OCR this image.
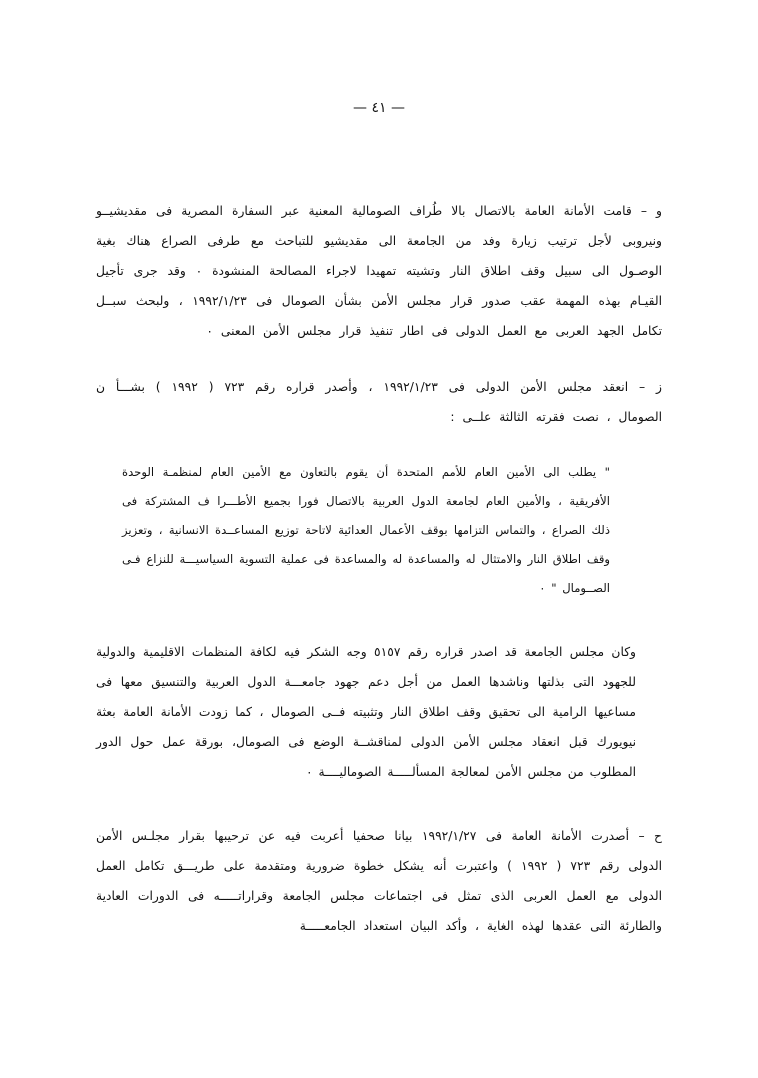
— ٤١ —

و – قامت الأمانة العامة بالاتصال بالا طُراف الصومالية المعنية عبر السفارة المصرية فى مقديشيــو ونيروبى لأجل ترتيب زيارة وفد من الجامعة الى مقديشيو للتباحث مع طرفى الصراع هناك بغية الوصـول الى سبيل وقف اطلاق النار وتشيته تمهيدا لاجراء المصالحة المنشودة ٠ وقد جرى تأجيل القيـام بهذه المهمة عقب صدور قرار مجلس الأمن بشأن الصومال فى ١٩٩٢/١/٢٣ ، ولبحث سبــل تكامل الجهد العربى مع العمل الدولى فى اطار تنفيذ قرار مجلس الأمن المعنى ٠

ز – انعقد مجلس الأمن الدولى فى ١٩٩٢/١/٢٣ ، وأصدر قراره رقم ٧٢٣ ( ١٩٩٢ ) بشـــأ ن الصومال ، نصت فقرته الثالثة علــى :

" يطلب الى الأمين العام للأمم المتحدة أن يقوم بالتعاون مع الأمين العام لمنظمـة الوحدة الأفريقية ، والأمين العام لجامعة الدول العربية بالاتصال فورا بجميع الأطـــرا ف المشتركة فى ذلك الصراع ، والتماس التزامها بوقف الأعمال العدائية لاتاحة توزيع المساعــدة الانسانية ، وتعزيز وقف اطلاق النار والامتثال له والمساعدة له والمساعدة فى عملية التسوية السياسيـــة للنزاع فـى الصــومال " ٠

وكان مجلس الجامعة قد اصدر قراره رقم ٥١٥٧ وجه الشكر فيه لكافة المنظمات الاقليمية والدولية للجهود التى بذلتها وناشدها العمل من أجل دعم جهود جامعـــة الدول العربية والتنسيق معها فى مساعيها الرامية الى تحقيق وقف اطلاق النار وتثبيته فــى الصومال ، كما زودت الأمانة العامة بعثة نيويورك قبل انعقاد مجلس الأمن الدولى لمناقشــة الوضع فى الصومال، بورقة عمل حول الدور المطلوب من مجلس الأمن لمعالجة المسألـــــة الصوماليــــة ٠

ح – أصدرت الأمانة العامة فى ١٩٩٢/١/٢٧ بيانا صحفيا أعربت فيه عن ترحيبها بقرار مجلـس الأمن الدولى رقم ٧٢٣ ( ١٩٩٢ ) واعتبرت أنه يشكل خطوة ضرورية ومتقدمة على طريـــق تكامل العمل الدولى مع العمل العربى الذى تمثل فى اجتماعات مجلس الجامعة وقراراتـــــه فى الدورات العادية والطارئة التى عقدها لهذه الغاية ، وأكد البيان استعداد الجامعـــــة
